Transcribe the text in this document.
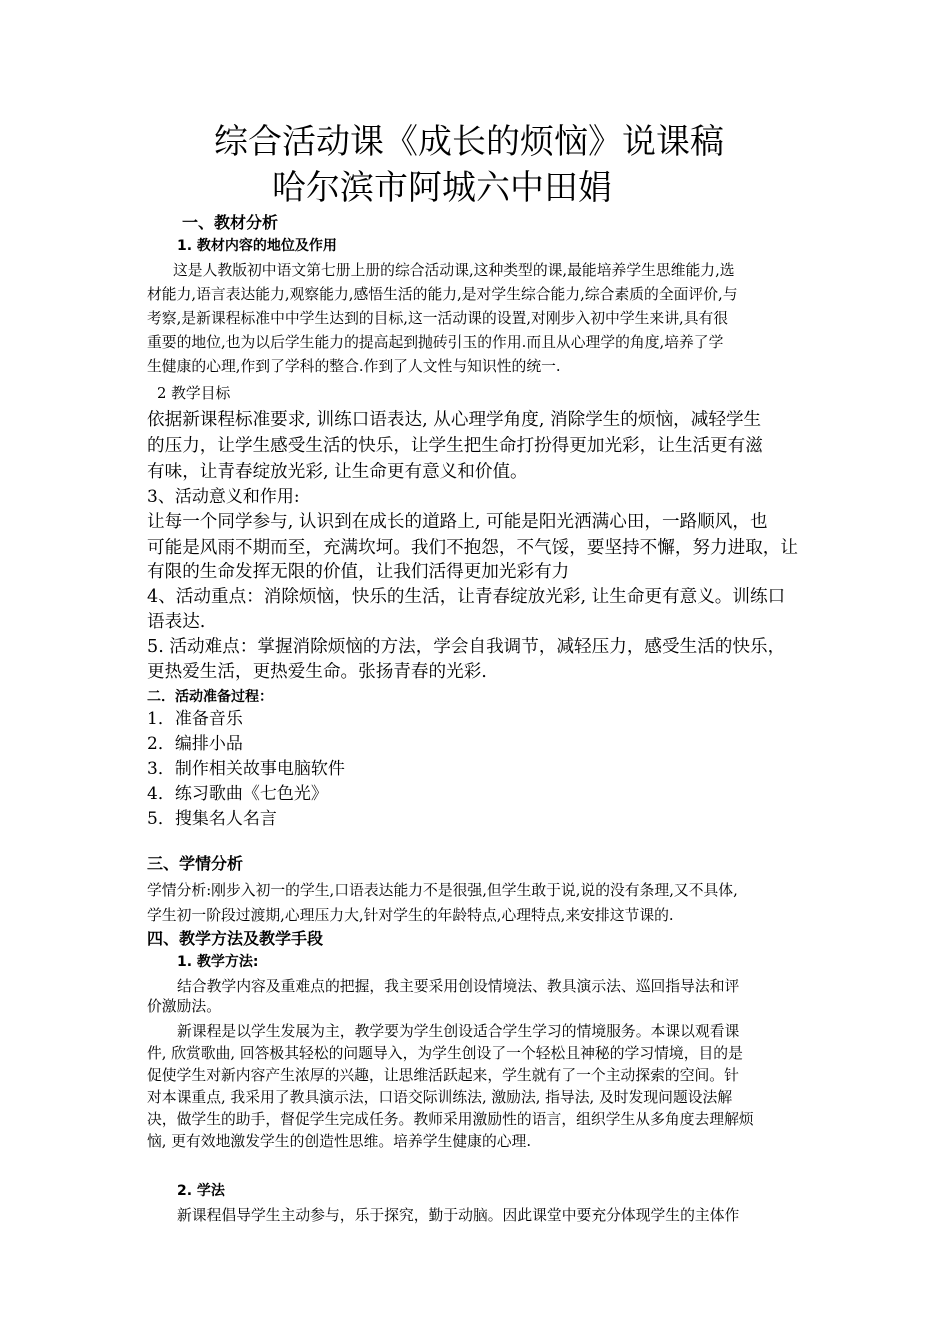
综合活动课《成长的烦恼》说课稿
哈尔滨市阿城六中田娟
一、教材分析
1. 教材内容的地位及作用
这是人教版初中语文第七册上册的综合活动课,这种类型的课,最能培养学生思维能力,选
材能力,语言表达能力,观察能力,感悟生活的能力,是对学生综合能力,综合素质的全面评价,与
考察,是新课程标准中中学生达到的目标,这一活动课的设置,对刚步入初中学生来讲,具有很
重要的地位,也为以后学生能力的提高起到抛砖引玉的作用.而且从心理学的角度,培养了学
生健康的心理,作到了学科的整合.作到了人文性与知识性的统一.
2 教学目标
依据新课程标准要求, 训练口语表达, 从心理学角度, 消除学生的烦恼，减轻学生
的压力，让学生感受生活的快乐，让学生把生命打扮得更加光彩，让生活更有滋
有味，让青春绽放光彩, 让生命更有意义和价值。
3、活动意义和作用:
让每一个同学参与, 认识到在成长的道路上, 可能是阳光洒满心田，一路顺风，也
可能是风雨不期而至，充满坎坷。我们不抱怨，不气馁，要坚持不懈，努力进取，让
有限的生命发挥无限的价值，让我们活得更加光彩有力
4、活动重点：消除烦恼，快乐的生活，让青春绽放光彩, 让生命更有意义。训练口
语表达.
5. 活动难点：掌握消除烦恼的方法，学会自我调节，减轻压力，感受生活的快乐，
更热爱生活，更热爱生命。张扬青春的光彩.
二．活动准备过程：
1．准备音乐
2．编排小品
3．制作相关故事电脑软件
4．练习歌曲《七色光》
5．搜集名人名言
三、学情分析
学情分析:刚步入初一的学生,口语表达能力不是很强,但学生敢于说,说的没有条理,又不具体,
学生初一阶段过渡期,心理压力大,针对学生的年龄特点,心理特点,来安排这节课的.
四、教学方法及教学手段
1. 教学方法:
结合教学内容及重难点的把握，我主要采用创设情境法、教具演示法、巡回指导法和评
价激励法。
新课程是以学生发展为主，教学要为学生创设适合学生学习的情境服务。本课以观看课
件, 欣赏歌曲, 回答极其轻松的问题导入，为学生创设了一个轻松且神秘的学习情境，目的是
促使学生对新内容产生浓厚的兴趣，让思维活跃起来，学生就有了一个主动探索的空间。针
对本课重点, 我采用了教具演示法，口语交际训练法, 激励法, 指导法, 及时发现问题设法解
决，做学生的助手，督促学生完成任务。教师采用激励性的语言，组织学生从多角度去理解烦
恼, 更有效地激发学生的创造性思维。培养学生健康的心理.
2. 学法
新课程倡导学生主动参与，乐于探究，勤于动脑。因此课堂中要充分体现学生的主体作
